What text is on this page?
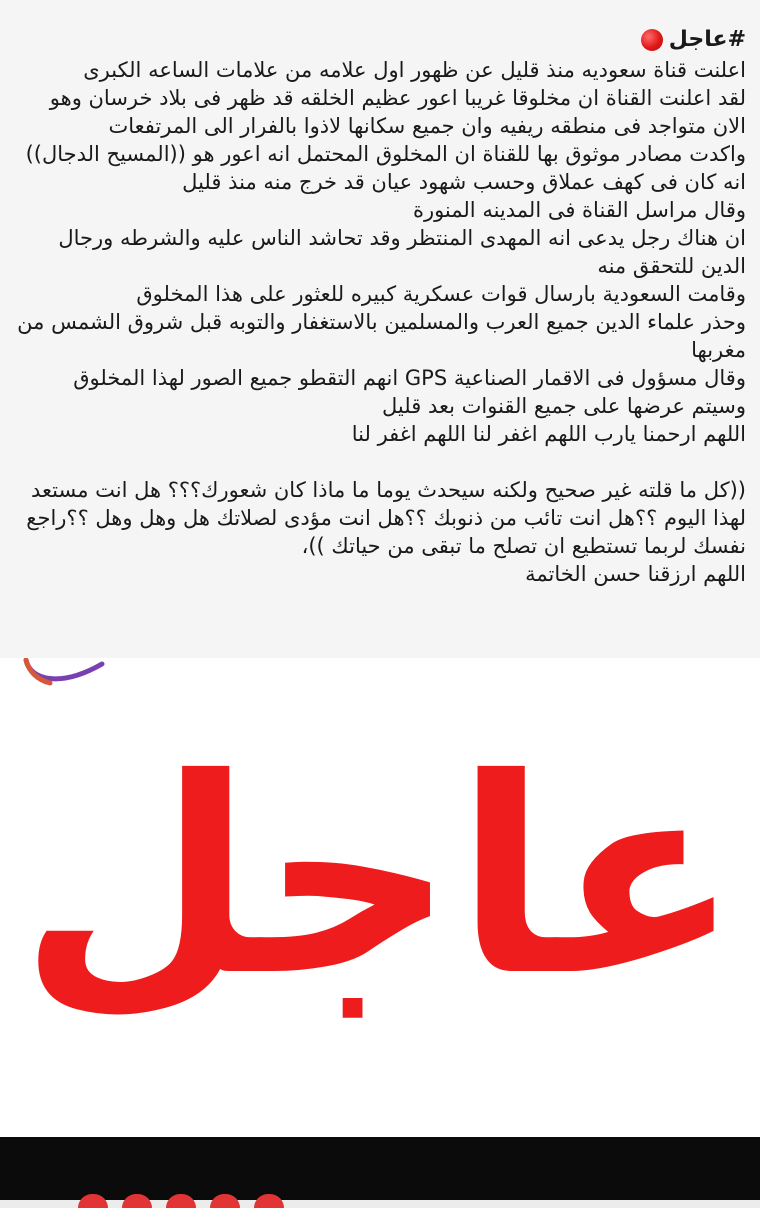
#عاجل

اعلنت قناة سعوديه منذ قليل عن ظهور اول علامه من علامات الساعه الكبرى

لقد اعلنت القناة ان مخلوقا غريبا اعور عظيم الخلقه قد ظهر فى بلاد خرسان وهو الان متواجد فى منطقه ريفيه وان جميع سكانها لاذوا بالفرار الى المرتفعات

واكدت مصادر موثوق بها للقناة ان المخلوق المحتمل انه اعور هو ((المسيح الدجال))

انه كان فى كهف عملاق وحسب شهود عيان قد خرج منه منذ قليل

وقال مراسل القناة فى المدينه المنورة

ان هناك رجل يدعى انه المهدى المنتظر وقد تحاشد الناس عليه والشرطه ورجال الدين للتحقق منه

وقامت السعودية بارسال قوات عسكرية كبيره للعثور على هذا المخلوق

وحذر علماء الدين جميع العرب والمسلمين بالاستغفار والتوبه قبل شروق الشمس من مغربها

وقال مسؤول فى الاقمار الصناعية GPS انهم التقطو جميع الصور لهذا المخلوق وسيتم عرضها على جميع القنوات بعد قليل

اللهم ارحمنا يارب اللهم اغفر لنا اللهم اغفر لنا

((كل ما قلته غير صحيح ولكنه سيحدث يوما ما ماذا كان شعورك؟؟؟ هل انت مستعد لهذا اليوم ؟؟هل انت تائب من ذنوبك ؟؟هل انت مؤدى لصلاتك هل وهل وهل ؟؟راجع نفسك لربما تستطيع ان تصلح ما تبقى من حياتك ))،

اللهم ارزقنا حسن الخاتمة

عاجل
